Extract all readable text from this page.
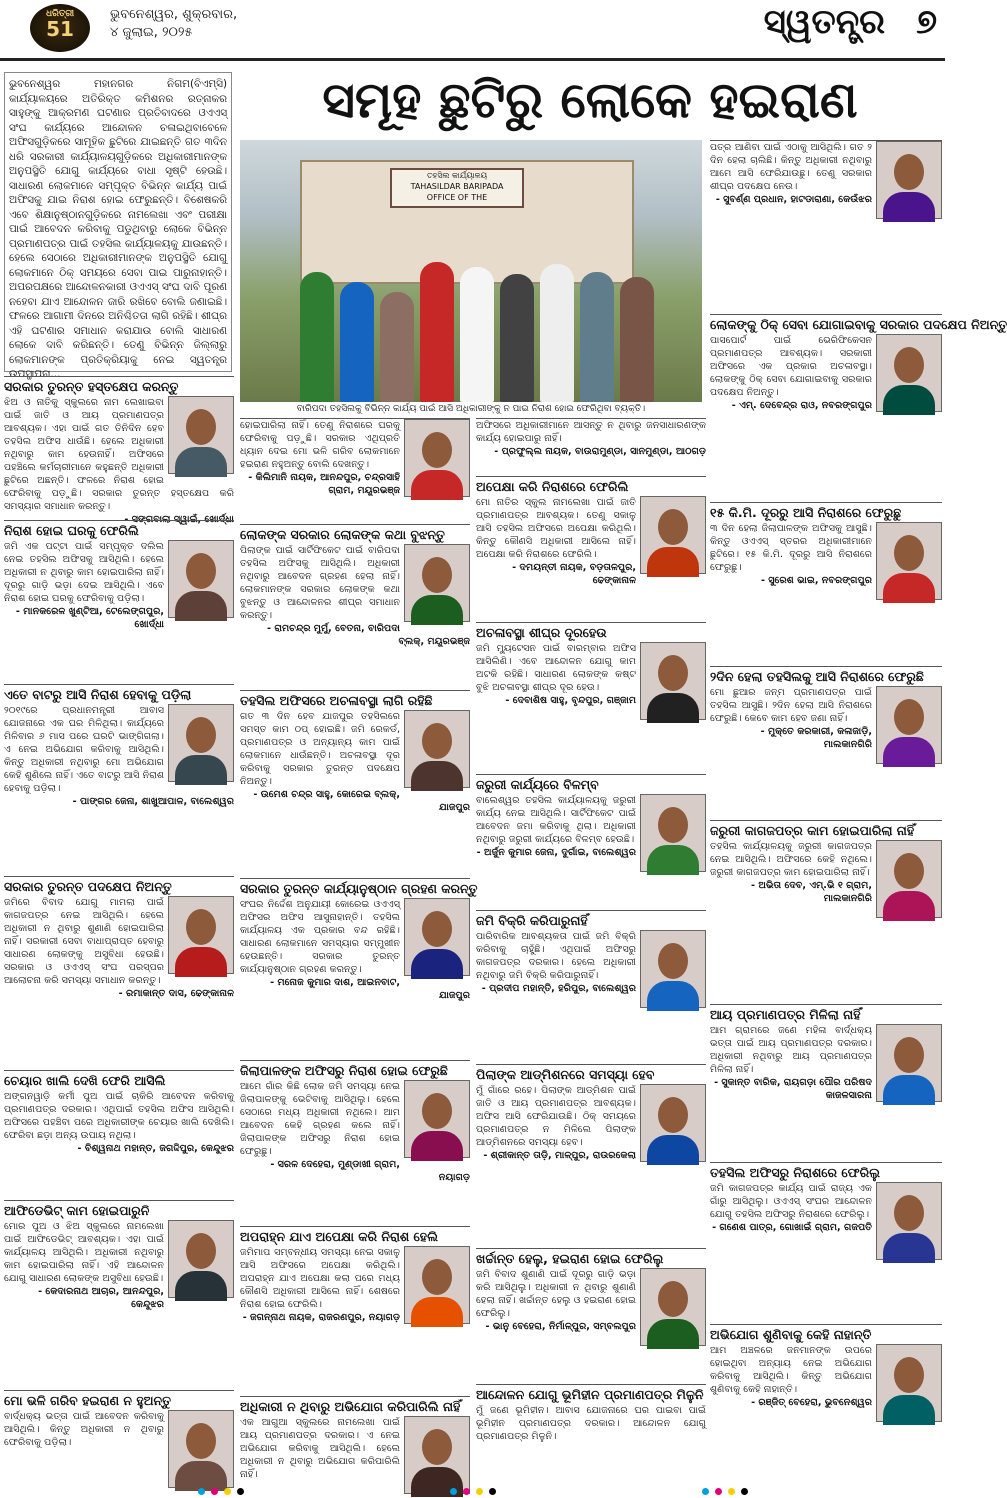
ଧରିତ୍ରୀ
51
ଭୁବନେଶ୍ୱର, ଶୁକ୍ରବାର,
୪ ଜୁଲାଇ, ୨୦୨୫	ସ୍ୱତନ୍ତ୍ର ୭
ସମୂହ ଛୁଟିରୁ ଲୋକେ ହଇରାଣ
ଭୁବନେଶ୍ୱର ମହାନଗର ନିଗମ(ବିଏମ୍ସି) କାର୍ଯ୍ୟାଳୟରେ ଅତିରିକ୍ତ କମିଶନର ରତ୍ନାକର ସାହୁଙ୍କୁ ଆକ୍ରମଣ ଘଟଣାର ପ୍ରତିବାଦରେ ଓଏଏସ୍ ସଂଘ କାର୍ଯ୍ୟରେ ଆନ୍ଦୋଳନ ଚଳାଇଥିବାବେଳେ ଅଫିସଗୁଡ଼ିକରେ ସାମୂହିକ ଛୁଟିରେ ଯାଇଛନ୍ତି ଗତ ୩ଦିନ ଧରି ସରକାରୀ କାର୍ଯ୍ୟାଳୟଗୁଡ଼ିକରେ ଅଧିକାରୀମାନଙ୍କ ଅନୁପସ୍ଥିତି ଯୋଗୁ କାର୍ଯ୍ୟରେ ବାଧା ସୃଷ୍ଟି ହେଉଛି। ସାଧାରଣ ଲୋକମାନେ ସମ୍ପୃକ୍ତ ବିଭିନ୍ନ କାର୍ଯ୍ୟ ପାଇଁ ଅଫିସକୁ ଯାଇ ନିରାଶ ହୋଇ ଫେରୁଛନ୍ତି। ବିଶେଷକରି ଏବେ ଶିକ୍ଷାନୁଷ୍ଠାନଗୁଡ଼ିକରେ ନାମଲେଖା ଏବଂ ପରୀକ୍ଷା ପାଇଁ ଆବେଦନ କରିବାକୁ ପଡୁଥିବାରୁ ଲୋକେ ବିଭିନ୍ନ ପ୍ରମାଣପତ୍ର ପାଇଁ ତହସିଲ କାର୍ଯ୍ୟାଳୟକୁ ଯାଉଛନ୍ତି। ହେଲେ ସେଠାରେ ଅଧିକାରୀମାନଙ୍କ ଅନୁପସ୍ଥିତି ଯୋଗୁ ଲୋକମାନେ ଠିକ୍ ସମୟରେ ସେବା ପାଇ ପାରୁନାହାନ୍ତି। ଅପରପକ୍ଷରେ ଆନ୍ଦୋଳନକାରୀ ଓଏଏସ୍ ସଂଘ ଦାବି ପୂରଣ ନହେବା ଯାଏ ଆନ୍ଦୋଳନ ଜାରି ରଖିବେ ବୋଲି ଜଣାଇଛି। ଫଳରେ ଆଗାମୀ ଦିନରେ ଅନିଶ୍ଚିତତା ଲାଗି ରହିଛି। ଶୀଘ୍ର ଏହି ଘଟଣାର ସମାଧାନ କରାଯାଉ ବୋଲି ସାଧାରଣ ଲୋକେ ଦାବି କରିଛନ୍ତି। ତେଣୁ ବିଭିନ୍ନ ଜିଲ୍ଲାରୁ ଲୋକମାନଙ୍କ ପ୍ରତିକ୍ରିୟାକୁ ନେଇ ସ୍ୱତନ୍ତ୍ର ଉପସ୍ଥାପନା...
ତହସିଲ କାର୍ଯ୍ୟାଳୟ
TAHASILDAR BARIPADA
OFFICE OF THE
ବାରିପଦା ତହସିଲକୁ ବିଭିନ୍ନ କାର୍ଯ୍ୟ ପାଇଁ ଆସି ଅଧିକାରୀଙ୍କୁ ନ ପାଇ ନିରାଶ ହୋଇ ଫେରିଥିବା ବ୍ୟକ୍ତି।
ସରକାର ତୁରନ୍ତ ହସ୍ତକ୍ଷେପ କରନ୍ତୁ
ଝିଅ ଓ ନାତିକୁ ସ୍କୁଲରେ ନାମ ଲେଖାଇବା ପାଇଁ ଜାତି ଓ ଆୟ ପ୍ରମାଣପତ୍ର ଆବଶ୍ୟକ। ଏହା ପାଇଁ ଗତ ତିନିଦିନ ହେବ ତହସିଲ ଅଫିସ ଧାଉଁଛି। ହେଲେ ଅଧିକାରୀ ନଥିବାରୁ କାମ ହେଉନାହିଁ। ଅଫିସରେ ପହଞ୍ଚିଲେ କର୍ମଚାରୀମାନେ କହୁଛନ୍ତି ଅଧିକାରୀ ଛୁଟିରେ ଅଛନ୍ତି। ଫଳରେ ନିରାଶ ହୋଇ ଫେରିବାକୁ ପଡ଼ୁଛି। ସରକାର ତୁରନ୍ତ ହସ୍ତକ୍ଷେପ କରି ସମସ୍ୟାର ସମାଧାନ କରନ୍ତୁ।
- ସଙ୍ଗବାଲା ସ୍ୱାଇଁ, ଖୋର୍ଦ୍ଧା
ନିରାଶ ହୋଇ ଘରକୁ ଫେରିଲି
ଜମି ଏକ ପଟ୍ଟା ପାଇଁ ସମ୍ପୃକ୍ତ ଦଲିଲ ନେଇ ତହସିଲ ଅଫିସକୁ ଆସିଥିଲି। ହେଲେ ଅଧିକାରୀ ନ ଥିବାରୁ କାମ ହୋଇପାରିଲା ନାହିଁ। ଦୂରରୁ ଗାଡ଼ି ଭଡ଼ା ଦେଇ ଆସିଥିଲି। ଏବେ ନିରାଶ ହୋଇ ଘରକୁ ଫେରିବାକୁ ପଡ଼ିଲା।
- ମାନକରେଳ ଖୁଣ୍ଟିଆ, ଟେଲେଙ୍ଗପୁର, ଖୋର୍ଦ୍ଧା
ଏତେ ବାଟରୁ ଆସି ନିରାଶ ହେବାକୁ ପଡ଼ିଲା
୨୦୧୯ରେ ପ୍ରଧାନମନ୍ତ୍ରୀ ଆବାସ ଯୋଜନାରେ ଏକ ଘର ମିଳିଥିଲା। କାର୍ଯ୍ୟରେ ମିଳିବାର ୬ ମାସ ପରେ ଘରଟି ଭାଙ୍ଗିଗଲା। ଏ ନେଇ ଅଭିଯୋଗ କରିବାକୁ ଆସିଥିଲି। କିନ୍ତୁ ଅଧିକାରୀ ନଥିବାରୁ ମୋ ଅଭିଯୋଗ କେହି ଶୁଣିଲେ ନାହିଁ। ଏତେ ବାଟରୁ ଆସି ନିରାଶ ହେବାକୁ ପଡ଼ିଲା।
- ପାଙ୍ଗର ଜେନା, ଶାଖୁଆପାଳ, ବାଲେଶ୍ୱର
ସରକାର ତୁରନ୍ତ ପଦକ୍ଷେପ ନିଅନ୍ତୁ
ଜମିରେ ବିବାଦ ଯୋଗୁ ମାମଲା ପାଇଁ କାଗଜପତ୍ର ନେଇ ଆସିଥିଲି। ହେଲେ ଅଧିକାରୀ ନ ଥିବାରୁ ଶୁଣାଣି ହୋଇପାରିଲା ନାହିଁ। ସରକାରୀ ସେବା ବାଧାପ୍ରାପ୍ତ ହେବାରୁ ସାଧାରଣ ଲୋକଙ୍କୁ ଅସୁବିଧା ହେଉଛି। ସରକାର ଓ ଓଏଏସ୍ ସଂଘ ପରସ୍ପର ଆଲୋଚନା କରି ସମସ୍ୟା ସମାଧାନ କରନ୍ତୁ।
- ରମାକାନ୍ତ ଦାସ, ଢେଙ୍କାନାଳ
ଚେୟାର ଖାଲି ଦେଖି ଫେରି ଆସିଲି
ଅଙ୍ଗନୱାଡ଼ି କର୍ମୀ ପୁଅ ପାଇଁ ଚାକିରି ଆବେଦନ କରିବାକୁ ପ୍ରମାଣପତ୍ର ଦରକାର। ଏଥିପାଇଁ ତହସିଲ ଅଫିସ ଆସିଥିଲି। ଅଫିସରେ ପହଞ୍ଚିବା ପରେ ଅଧିକାରୀଙ୍କ ଚେୟାର ଖାଲି ଦେଖିଲି। ଫେରିବା ଛଡ଼ା ଅନ୍ୟ ଉପାୟ ନଥିଲା।
- ବିଶ୍ୱନାଥ ମହାନ୍ତ, ଜଗଦ୍ଦିପୁର, କେନ୍ଦୁଝର
ଆଫିଡେଭିଟ୍ କାମ ହୋଇପାରୁନି
ମୋର ପୁଅ ଓ ଝିଅ ସ୍କୁଲରେ ନାମଲେଖା ପାଇଁ ଆଫିଡେଭିଟ୍ ଆବଶ୍ୟକ। ଏହା ପାଇଁ କାର୍ଯ୍ୟାଳୟ ଆସିଥିଲି। ଅଧିକାରୀ ନଥିବାରୁ କାମ ହୋଇପାରିଲା ନାହିଁ। ଏହି ଆନ୍ଦୋଳନ ଯୋଗୁ ସାଧାରଣ ଲୋକଙ୍କ ଅସୁବିଧା ହେଉଛି।
- କେଦାରନାଥ ଆଚାର, ଆନନ୍ଦପୁର, କେନ୍ଦୁଝର
ମୋ ଭଳି ଗରିବ ହଇରାଣ ନ ହୁଅନ୍ତୁ
ବାର୍ଦ୍ଧକ୍ୟ ଭତ୍ତା ପାଇଁ ଆବେଦନ କରିବାକୁ ଆସିଥିଲି। କିନ୍ତୁ ଅଧିକାରୀ ନ ଥିବାରୁ ଫେରିବାକୁ ପଡ଼ିଲା।
ହୋଇପାରିଲା ନାହିଁ। ତେଣୁ ନିରାଶରେ ଘରକୁ ଫେରିବାକୁ ପଡ଼ୁଛି। ସରକାର ଏଥିପ୍ରତି ଧ୍ୟାନ ଦେଇ ମୋ ଭଳି ଗରିବ ଲୋକମାନେ ହଇରାଣ ନହୁଅନ୍ତୁ ବୋଲି ଦେଖନ୍ତୁ।
- କିଲିମାନି ନାୟକ, ଆନନ୍ଦପୁର, ଚନ୍ଦ୍ରସାହି ଗ୍ରାମ, ମୟୂରଭଞ୍ଜ
ଲୋକଙ୍କ ସରକାର ଲୋକଙ୍କ କଥା ବୁଝନ୍ତୁ
ପିଲାଙ୍କ ପାଇଁ ସାର୍ଟିଫିକେଟ ପାଇଁ ବାରିପଦା ତହସିଲ ଅଫିସକୁ ଆସିଥିଲି। ଅଧିକାରୀ ନଥିବାରୁ ଆବେଦନ ଗ୍ରହଣ ହେଲା ନାହିଁ। ଲୋକମାନଙ୍କ ସରକାର ଲୋକଙ୍କ କଥା ବୁଝନ୍ତୁ ଓ ଆନ୍ଦୋଳନର ଶୀଘ୍ର ସମାଧାନ କରନ୍ତୁ।
- ରାମଚନ୍ଦ୍ର ମୁର୍ମୁ, ବେତନା, ବାରିପଦା ବ୍ଲକ୍, ମୟୂରଭଞ୍ଜ
ତହସିଲ ଅଫିସରେ ଅଚଳାବସ୍ଥା ଲାଗି ରହିଛି
ଗତ ୩ ଦିନ ହେବ ଯାଜପୁର ତହସିଲରେ ସମସ୍ତ କାମ ଠପ୍ ହୋଇଛି। ଜମି ରେକର୍ଡ, ପ୍ରମାଣପତ୍ର ଓ ଅନ୍ୟାନ୍ୟ କାମ ପାଇଁ ଲୋକମାନେ ଧାଉଁଛନ୍ତି। ଅଚଳାବସ୍ଥା ଦୂର କରିବାକୁ ସରକାର ତୁରନ୍ତ ପଦକ୍ଷେପ ନିଅନ୍ତୁ।
- ଉମେଶ ଚନ୍ଦ୍ର ସାହୁ, କୋରେଇ ବ୍ଲକ୍, ଯାଜପୁର
ସରକାର ତୁରନ୍ତ କାର୍ଯ୍ୟାନୁଷ୍ଠାନ ଗ୍ରହଣ କରନ୍ତୁ
ସଂଘର ନିର୍ଦ୍ଦେଶ ଅନୁଯାୟୀ କୋରେଇ ଓଏଏସ୍ ଅଫିସର ଅଫିସ ଆସୁନାହାନ୍ତି। ତହସିଲ କାର୍ଯ୍ୟାଳୟ ଏକ ପ୍ରକାର ବନ୍ଦ ରହିଛି। ସାଧାରଣ ଲୋକମାନେ ସମସ୍ୟାର ସମ୍ମୁଖୀନ ହେଉଛନ୍ତି। ସରକାର ତୁରନ୍ତ କାର୍ଯ୍ୟାନୁଷ୍ଠାନ ଗ୍ରହଣ କରନ୍ତୁ।
- ମନୋଜ କୁମାର ଦାଶ, ଆଇନବାଟ, ଯାଜପୁର
ଜିଲାପାଳଙ୍କ ଅଫିସରୁ ନିରାଶ ହୋଇ ଫେରୁଛି
ଆମେ ଗାଁର କିଛି ଲୋକ ଜମି ସମସ୍ୟା ନେଇ ଜିଲାପାଳଙ୍କୁ ଭେଟିବାକୁ ଆସିଥିଲୁ। ହେଲେ ସେଠାରେ ମଧ୍ୟ ଅଧିକାରୀ ନଥିଲେ। ଆମ ଆବେଦନ କେହି ଗ୍ରହଣ କଲେ ନାହିଁ। ଜିଲାପାଳଙ୍କ ଅଫିସରୁ ନିରାଶ ହୋଇ ଫେରୁଛୁ।
- ସରଳ ଦେହେରା, ମୁଣ୍ଡାଖୀ ଗ୍ରାମ, ନୟାଗଡ଼
ଅପରାହ୍ନ ଯାଏ ଅପେକ୍ଷା କରି ନିରାଶ ହେଲି
ଜମିମାପ ସମ୍ବନ୍ଧୀୟ ସମସ୍ୟା ନେଇ ସକାଳୁ ଆସି ଅଫିସରେ ଅପେକ୍ଷା କରିଥିଲି। ଅପରାହ୍ନ ଯାଏ ଅପେକ୍ଷା କଲା ପରେ ମଧ୍ୟ କୌଣସି ଅଧିକାରୀ ଆସିଲେ ନାହିଁ। ଶେଷରେ ନିରାଶ ହୋଇ ଫେରିଲି।
- ଜଗନ୍ନାଥ ନାୟକ, ରାଜରଣପୁର, ନୟାଗଡ଼
ଅଧିକାରୀ ନ ଥିବାରୁ ଅଭିଯୋଗ କରିପାରିଲି ନାହିଁ
ଏକ ଆଗୁଆ ସ୍କୁଲରେ ନାମଲେଖା ପାଇଁ ଆୟ ପ୍ରମାଣପତ୍ର ଦରକାର। ଏ ନେଇ ଅଭିଯୋଗ କରିବାକୁ ଆସିଥିଲି। ହେଲେ ଅଧିକାରୀ ନ ଥିବାରୁ ଅଭିଯୋଗ କରିପାରିଲି ନାହିଁ।
ଅଫିସରେ ଅଧିକାରୀମାନେ ଆସନ୍ତୁ ନ ଥିବାରୁ ଜନସାଧାରଣଙ୍କ କାର୍ଯ୍ୟ ହୋଇପାରୁ ନାହିଁ।
- ପ୍ରଫୁଲ୍ଲ ନାୟକ, ବାଉରାମୁଣ୍ଡା, ସାନମୁଣ୍ଡା, ଆଠଗଡ଼
ଅପେକ୍ଷା କରି ନିରାଶରେ ଫେରିଲି
ମୋ ନାତିର ସ୍କୁଲ ନାମଲେଖା ପାଇଁ ଜାତି ପ୍ରମାଣପତ୍ର ଆବଶ୍ୟକ। ତେଣୁ ସକାଳୁ ଆସି ତହସିଲ ଅଫିସରେ ଅପେକ୍ଷା କରିଥିଲି। କିନ୍ତୁ କୌଣସି ଅଧିକାରୀ ଆସିଲେ ନାହିଁ। ଅପେକ୍ଷା କରି ନିରାଶରେ ଫେରିଲି।
- ଦମୟନ୍ତୀ ନାୟକ, ବଡ଼ତାଳପୁର, ଢେଙ୍କାନାଳ
ଅଚଳାବସ୍ଥା ଶୀଘ୍ର ଦୂରହେଉ
ଜମି ମ୍ୟୁଟେସନ ପାଇଁ ବାରମ୍ବାର ଅଫିସ ଆସିଲିଣି। ଏବେ ଆନ୍ଦୋଳନ ଯୋଗୁ କାମ ଅଟକି ରହିଛି। ସାଧାରଣ ଲୋକଙ୍କ କଷ୍ଟ ବୁଝି ଅଚଳାବସ୍ଥା ଶୀଘ୍ର ଦୂର ହେଉ।
- ଦେବାଶିଷ ସାହୁ, ବୃନ୍ଦପୁର, ଗଞ୍ଜାମ
ଜରୁରୀ କାର୍ଯ୍ୟରେ ବିଳମ୍ବ
ବାଲେଶ୍ୱର ତହସିଲ କାର୍ଯ୍ୟାଳୟକୁ ଜରୁରୀ କାର୍ଯ୍ୟ ନେଇ ଆସିଥିଲି। ସାର୍ଟିଫିକେଟ ପାଇଁ ଆବେଦନ ଜମା କରିବାକୁ ଥିଲା। ଅଧିକାରୀ ନଥିବାରୁ ଜରୁରୀ କାର୍ଯ୍ୟରେ ବିଳମ୍ବ ହେଉଛି।
- ଅର୍ଜୁନ କୁମାର ଜେନା, ଦୁର୍ଗାଇ, ବାଲେଶ୍ୱର
ଜମି ବିକ୍ରି କରିପାରୁନାହିଁ
ପାରିବାରିକ ଆବଶ୍ୟକତା ପାଇଁ ଜମି ବିକ୍ରି କରିବାକୁ ଚାହୁଁଛି। ଏଥିପାଇଁ ଅଫିସରୁ କାଗଜପତ୍ର ଦରକାର। ହେଲେ ଅଧିକାରୀ ନଥିବାରୁ ଜମି ବିକ୍ରି କରିପାରୁନାହିଁ।
- ପ୍ରଦୀପ ମହାନ୍ତି, ହରିପୁର, ବାଲେଶ୍ୱର
ପିଲାଙ୍କ ଆଡ୍ମିଶନରେ ସମସ୍ୟା ହେବ
ମୁଁ ଗାଁରେ ରହେ। ପିଲାଙ୍କ ଆଡ୍ମିଶନ ପାଇଁ ଜାତି ଓ ଆୟ ପ୍ରମାଣପତ୍ର ଆବଶ୍ୟକ। ଅଫିସ ଆସି ଫେରିଯାଉଛି। ଠିକ୍ ସମୟରେ ପ୍ରମାଣପତ୍ର ନ ମିଳିଲେ ପିଲାଙ୍କ ଆଡ୍ମିଶନରେ ସମସ୍ୟା ହେବ।
- ଶ୍ରୀକାନ୍ତ ତାଡ଼ି, ମାଳ୍ପୁର, ରାଉରକେଲା
ଖର୍ଚ୍ଚାନ୍ତ ହେଲୁ, ହଇରାଣ ହୋଇ ଫେରିଲୁ
ଜମି ବିବାଦ ଶୁଣାଣି ପାଇଁ ଦୂରରୁ ଗାଡ଼ି ଭଡ଼ା କରି ଆସିଥିଲୁ। ଅଧିକାରୀ ନ ଥିବାରୁ ଶୁଣାଣି ହେଲା ନାହିଁ। ଖର୍ଚ୍ଚାନ୍ତ ହେଲୁ ଓ ହଇରାଣ ହୋଇ ଫେରିଲୁ।
- ଭାନୁ ବେହେରା, ନିର୍ମାଳ୍ପୁର, ସମ୍ବଲପୁର
ଆନ୍ଦୋଳନ ଯୋଗୁ ଭୂମିହୀନ ପ୍ରମାଣପତ୍ର ମିଳୁନି
ମୁଁ ଜଣେ ଭୂମିହୀନ। ଆବାସ ଯୋଜନାରେ ଘର ପାଇବା ପାଇଁ ଭୂମିହୀନ ପ୍ରମାଣପତ୍ର ଦରକାର। ଆନ୍ଦୋଳନ ଯୋଗୁ ପ୍ରମାଣପତ୍ର ମିଳୁନି।
ପତ୍ର ଆଣିବା ପାଇଁ ଏଠାକୁ ଆସିଥିଲି। ଗତ ୨ ଦିନ ହେଲା ଚାଲିଛି। କିନ୍ତୁ ଅଧିକାରୀ ନଥିବାରୁ ଆମେ ଆସି ଫେରିଯାଉଛୁ। ତେଣୁ ସରକାର ଶୀଘ୍ର ପଦକ୍ଷେପ ନେଉ।
- ସୁବର୍ଣ୍ଣ ପ୍ରଧାନ, ହାଟଡାରାଣା, କେଉଁଝର
ଲୋକଙ୍କୁ ଠିକ୍ ସେବା ଯୋଗାଇବାକୁ ସରକାର ପଦକ୍ଷେପ ନିଅନ୍ତୁ
ପାସପୋର୍ଟ ପାଇଁ ଭେରିଫିକେସନ ପ୍ରମାଣପତ୍ର ଆବଶ୍ୟକ। ସରକାରୀ ଅଫିସରେ ଏକ ପ୍ରକାର ଅଚଳାବସ୍ଥା। ଲୋକଙ୍କୁ ଠିକ୍ ସେବା ଯୋଗାଇବାକୁ ସରକାର ପଦକ୍ଷେପ ନିଅନ୍ତୁ।
- ଏମ୍. ଦେବେନ୍ଦ୍ର ରାଓ, ନବରଙ୍ଗପୁର
୧୫ କି.ମି. ଦୂରରୁ ଆସି ନିରାଶରେ ଫେରୁଛୁ
୩ ଦିନ ହେଲା ଜିଲାପାଳଙ୍କ ଅଫିସକୁ ଆସୁଛି। କିନ୍ତୁ ଓଏଏସ୍ ସ୍ତରର ଅଧିକାରୀମାନେ ଛୁଟିରେ। ୧୫ କି.ମି. ଦୂରରୁ ଆସି ନିରାଶରେ ଫେରୁଛୁ।
- ସୁରେଶ ଭାଇ, ନବରଙ୍ଗପୁର
୨ଦିନ ହେଲା ତହସିଲକୁ ଆସି ନିରାଶରେ ଫେରୁଛି
ମୋ ଛୁଆର ଜନ୍ମ ପ୍ରମାଣପତ୍ର ପାଇଁ ତହସିଲ ଆସୁଛି। ୨ଦିନ ହେଲା ଆସି ନିରାଶରେ ଫେରୁଛି। କେବେ କାମ ହେବ ଜଣା ନାହିଁ।
- ମୁକ୍ତେ କରକାରୀ, କଳାଜାଡ଼ି, ମାଲକାନଗିରି
ଜରୁରୀ କାଗଜପତ୍ର କାମ ହୋଇପାରିଲା ନାହିଁ
ତହସିଲ କାର୍ଯ୍ୟାଳୟକୁ ଜରୁରୀ କାଗଜପତ୍ର ନେଇ ଆସିଥିଲି। ଅଫିସରେ କେହି ନଥିଲେ। ଜରୁରୀ କାଗଜପତ୍ର କାମ ହୋଇପାରିଲା ନାହିଁ।
- ଅଭିତା ଦେବ, ଏମ୍.ଭି ୧ ଗ୍ରାମ, ମାଲକାନଗିରି
ଆୟ ପ୍ରମାଣପତ୍ର ମିଳିଲା ନାହିଁ
ଆମ ଗ୍ରାମରେ ଜଣେ ମହିଳା ବାର୍ଦ୍ଧକ୍ୟ ଭତ୍ତା ପାଇଁ ଆୟ ପ୍ରମାଣପତ୍ର ଦରକାର। ଅଧିକାରୀ ନଥିବାରୁ ଆୟ ପ୍ରମାଣପତ୍ର ମିଳିଲା ନାହିଁ।
- ସୁକାନ୍ତ ବାରିକ, ରାୟଗଡ଼ା ପୌର ପରିଷଦ କାଜଳସାରନା
ତହସିଲ ଅଫିସରୁ ନିରାଶରେ ଫେରିଲୁ
ଜମି କାଗଜପତ୍ର କାର୍ଯ୍ୟ ପାଇଁ ରାଜ୍ୟ ଏକ ଗାଁରୁ ଆସିଥିଲୁ। ଓଏଏସ୍ ସଂଘର ଆନ୍ଦୋଳନ ଯୋଗୁ ତହସିଲ ଅଫିସରୁ ନିରାଶରେ ଫେରିଲୁ।
- ଗଣେଶ ପାତ୍ର, ଗୋଖାଇଁ ଗ୍ରାମ, ଗଜପତି
ଅଭିଯୋଗ ଶୁଣିବାକୁ କେହି ନାହାନ୍ତି
ଆମ ଅଞ୍ଚଳରେ ଜନମାନଙ୍କ ଉପରେ ହୋଇଥିବା ଅନ୍ୟାୟ ନେଇ ଅଭିଯୋଗ କରିବାକୁ ଆସିଥିଲି। କିନ୍ତୁ ଅଭିଯୋଗ ଶୁଣିବାକୁ କେହି ନାହାନ୍ତି।
- ରଞ୍ଜିତ୍ ବେହେରା, ଭୁବନେଶ୍ୱର
